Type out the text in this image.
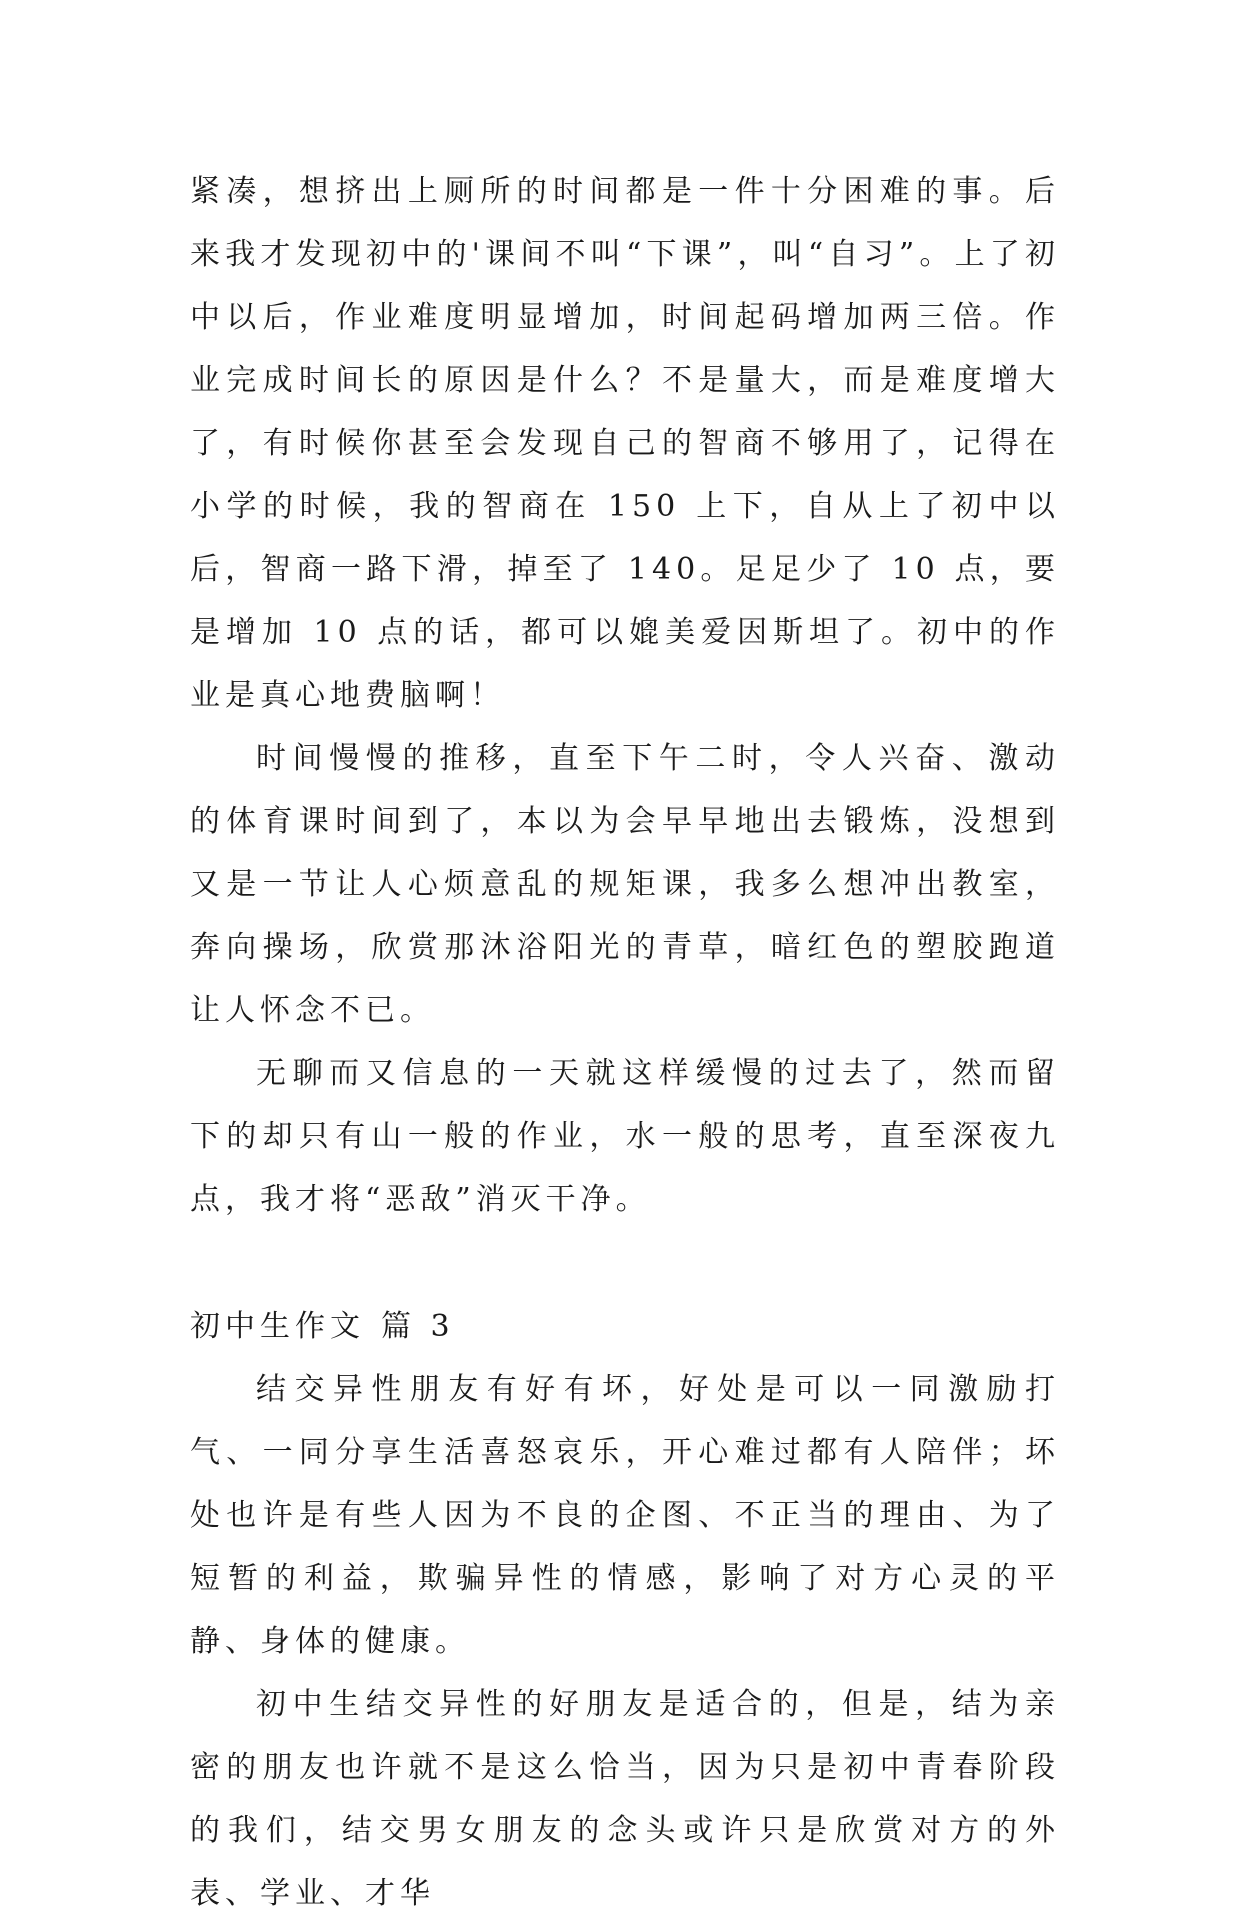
紧凑，想挤出上厕所的时间都是一件十分困难的事。后来我才发现初中的'课间不叫“下课”，叫“自习”。上了初中以后，作业难度明显增加，时间起码增加两三倍。作业完成时间长的原因是什么？不是量大，而是难度增大了，有时候你甚至会发现自己的智商不够用了，记得在小学的时候，我的智商在 150 上下，自从上了初中以后，智商一路下滑，掉至了 140。足足少了 10 点，要是增加 10 点的话，都可以媲美爱因斯坦了。初中的作业是真心地费脑啊！

时间慢慢的推移，直至下午二时，令人兴奋、激动的体育课时间到了，本以为会早早地出去锻炼，没想到又是一节让人心烦意乱的规矩课，我多么想冲出教室，奔向操场，欣赏那沐浴阳光的青草，暗红色的塑胶跑道让人怀念不已。

无聊而又信息的一天就这样缓慢的过去了，然而留下的却只有山一般的作业，水一般的思考，直至深夜九点，我才将“恶敌”消灭干净。

初中生作文 篇 3

结交异性朋友有好有坏，好处是可以一同激励打气、一同分享生活喜怒哀乐，开心难过都有人陪伴；坏处也许是有些人因为不良的企图、不正当的理由、为了短暂的利益，欺骗异性的情感，影响了对方心灵的平静、身体的健康。

初中生结交异性的好朋友是适合的，但是，结为亲密的朋友也许就不是这么恰当，因为只是初中青春阶段的我们，结交男女朋友的念头或许只是欣赏对方的外表、学业、才华
